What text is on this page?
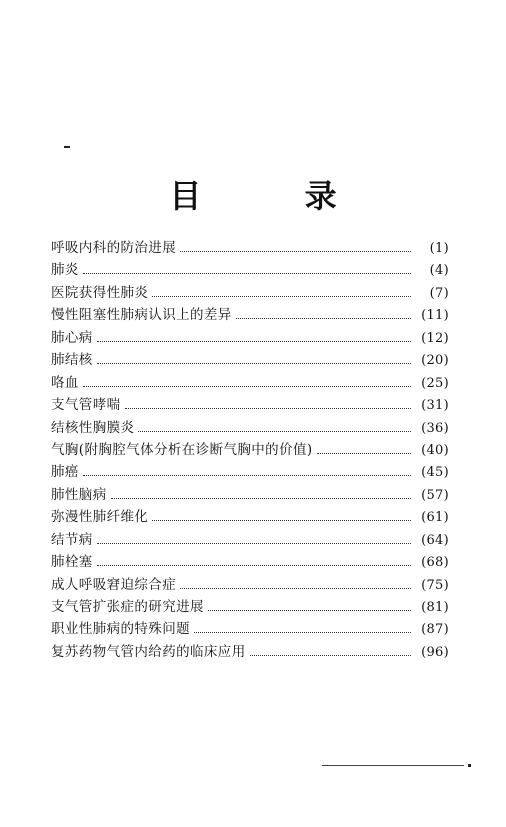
目 录
呼吸内科的防治进展	(1)
肺炎	(4)
医院获得性肺炎	(7)
慢性阻塞性肺病认识上的差异	(11)
肺心病	(12)
肺结核	(20)
咯血	(25)
支气管哮喘	(31)
结核性胸膜炎	(36)
气胸(附胸腔气体分析在诊断气胸中的价值)	(40)
肺癌	(45)
肺性脑病	(57)
弥漫性肺纤维化	(61)
结节病	(64)
肺栓塞	(68)
成人呼吸窘迫综合症	(75)
支气管扩张症的研究进展	(81)
职业性肺病的特殊问题	(87)
复苏药物气管内给药的临床应用	(96)
